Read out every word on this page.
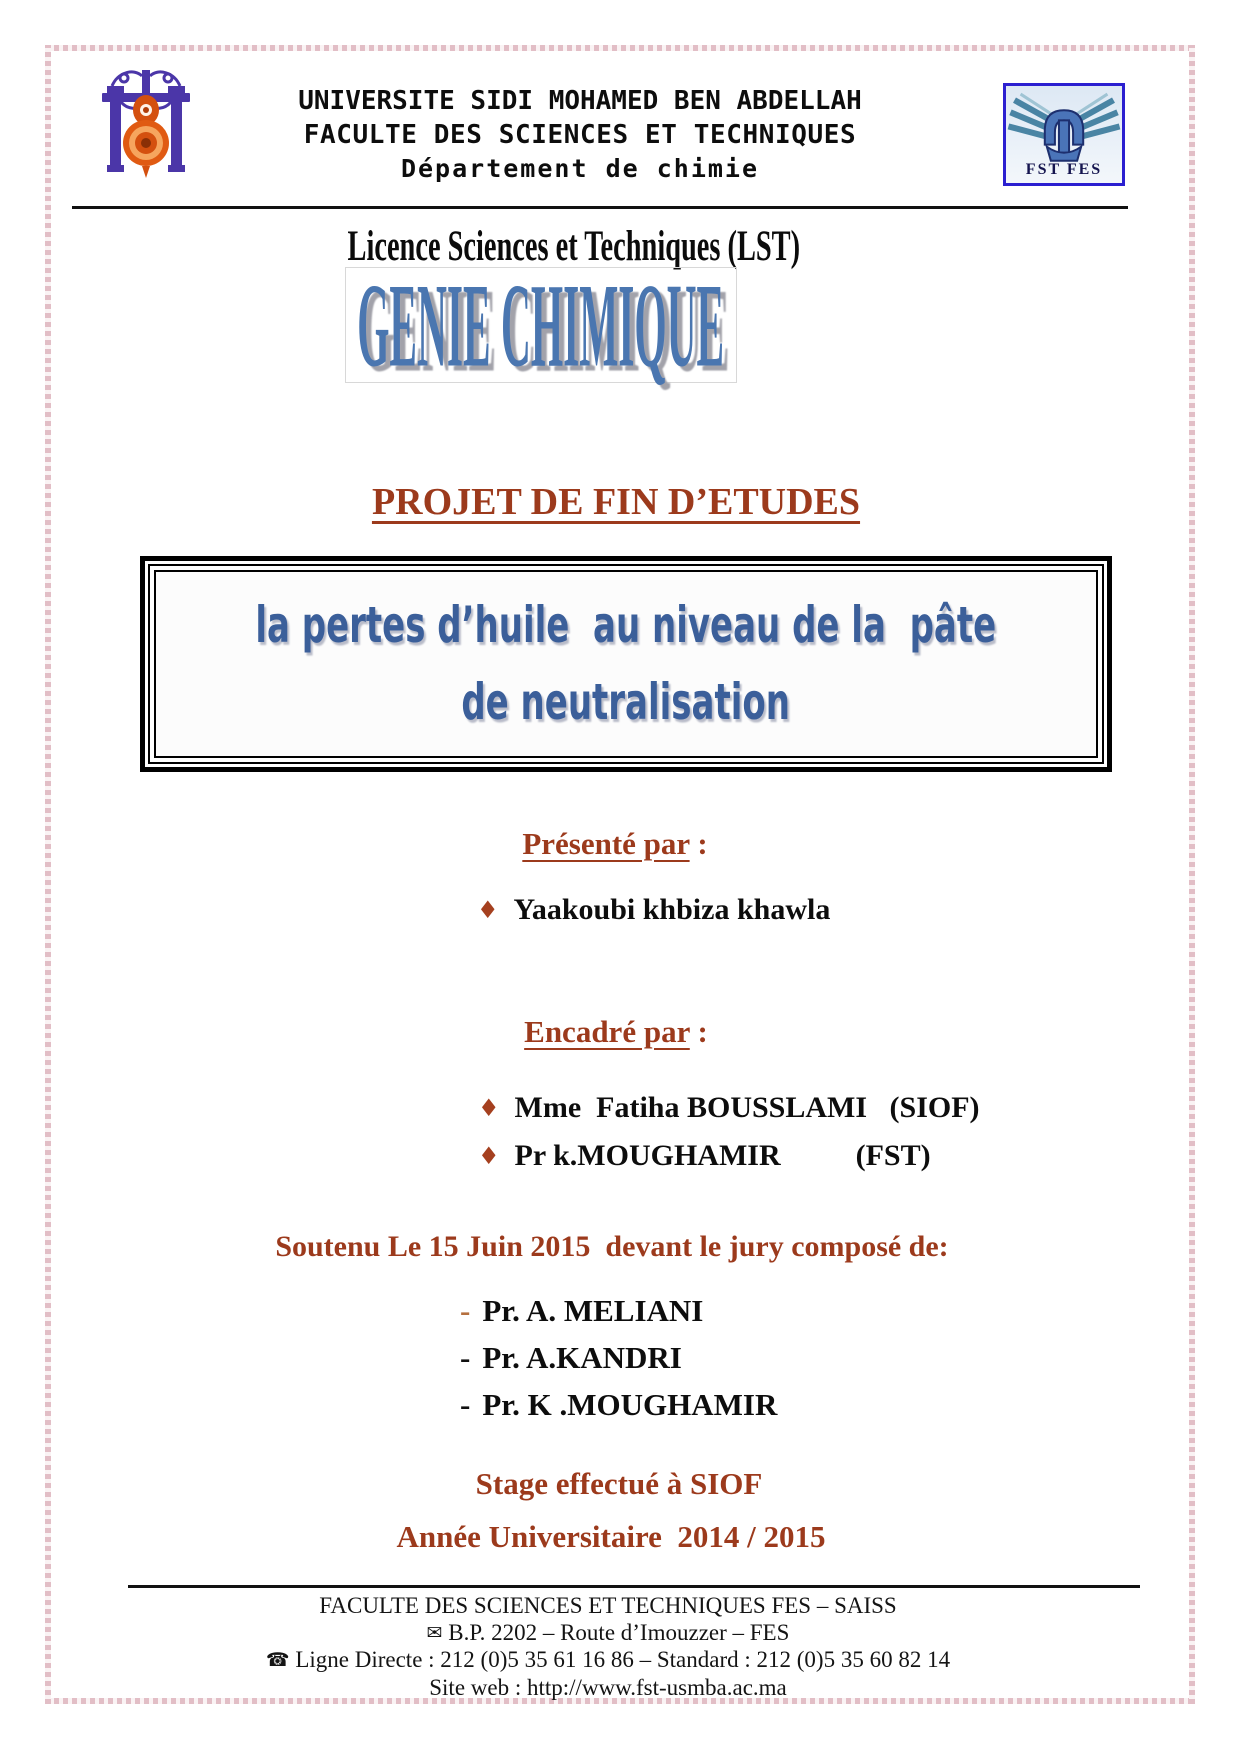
UNIVERSITE SIDI MOHAMED BEN ABDELLAH
FACULTE DES SCIENCES ET TECHNIQUES
Département de chimie	FST FES
Licence Sciences et Techniques (LST)
GENIE CHIMIQUE
PROJET DE FIN D’ETUDES
la pertes d’huile  au niveau de la  pâte
de neutralisation
Présenté par :
♦ Yaakoubi khbiza khawla
Encadré par :
♦ Mme  Fatiha BOUSSLAMI   (SIOF)
♦ Pr k.MOUGHAMIR          (FST)
Soutenu Le 15 Juin 2015  devant le jury composé de:
- Pr. A. MELIANI
- Pr. A.KANDRI
- Pr. K .MOUGHAMIR
Stage effectué à SIOF
Année Universitaire  2014 / 2015
FACULTE DES SCIENCES ET TECHNIQUES FES – SAISS
✉ B.P. 2202 – Route d’Imouzzer – FES
☎ Ligne Directe : 212 (0)5 35 61 16 86 – Standard : 212 (0)5 35 60 82 14
Site web : http://www.fst-usmba.ac.ma
